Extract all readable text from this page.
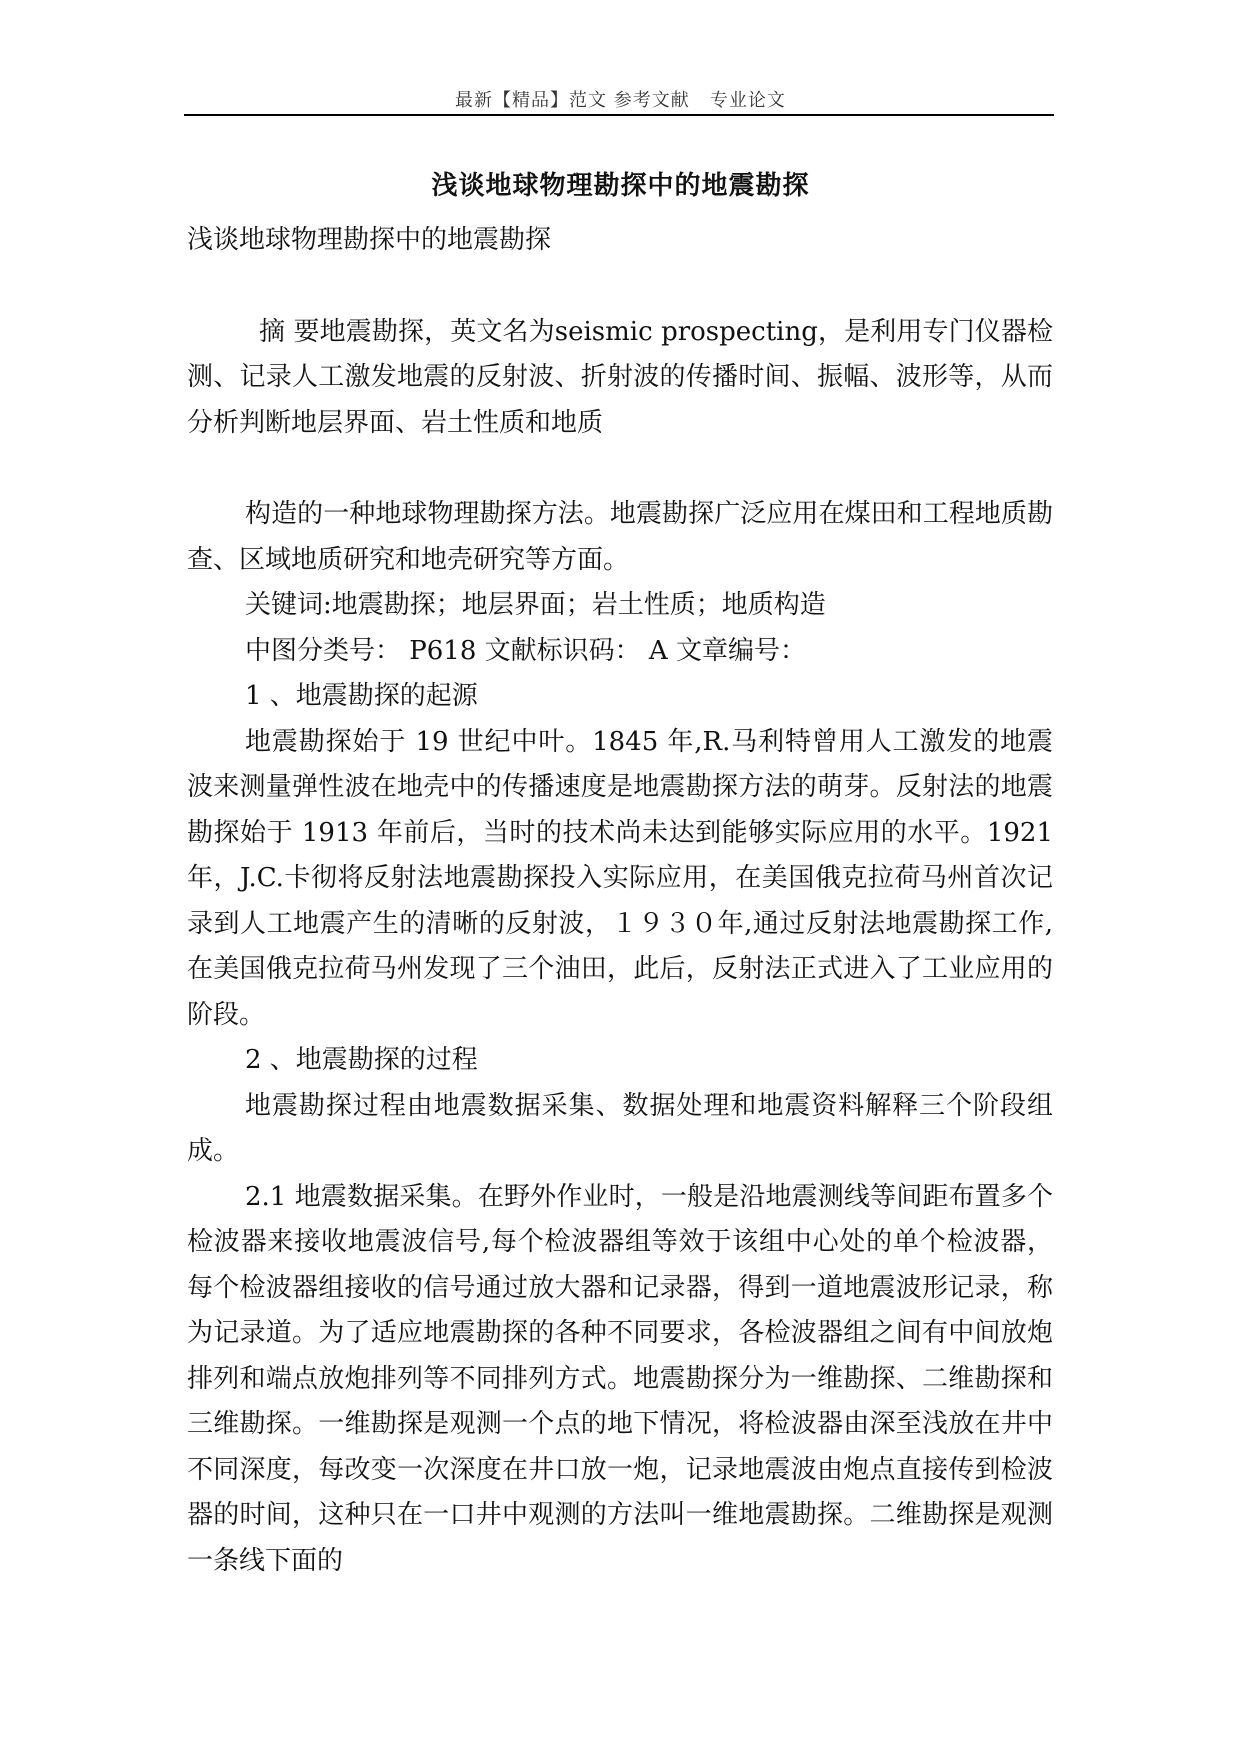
最新【精品】范文 参考文献   专业论文
浅谈地球物理勘探中的地震勘探

浅谈地球物理勘探中的地震勘探

摘 要地震勘探，英文名为seismic prospecting，是利用专门仪器检测、记录人工激发地震的反射波、折射波的传播时间、振幅、波形等，从而分析判断地层界面、岩土性质和地质

构造的一种地球物理勘探方法。地震勘探广泛应用在煤田和工程地质勘查、区域地质研究和地壳研究等方面。

关键词:地震勘探；地层界面；岩土性质；地质构造

中图分类号： P618 文献标识码： A 文章编号：

1 、地震勘探的起源

地震勘探始于 19 世纪中叶。1845 年,R.马利特曾用人工激发的地震波来测量弹性波在地壳中的传播速度是地震勘探方法的萌芽。反射法的地震勘探始于 1913 年前后，当时的技术尚未达到能够实际应用的水平。1921 年，J.C.卡彻将反射法地震勘探投入实际应用，在美国俄克拉荷马州首次记录到人工地震产生的清晰的反射波，１９３０年,通过反射法地震勘探工作, 在美国俄克拉荷马州发现了三个油田，此后，反射法正式进入了工业应用的阶段。

2 、地震勘探的过程

地震勘探过程由地震数据采集、数据处理和地震资料解释三个阶段组成。

2.1 地震数据采集。在野外作业时，一般是沿地震测线等间距布置多个检波器来接收地震波信号,每个检波器组等效于该组中心处的单个检波器，每个检波器组接收的信号通过放大器和记录器，得到一道地震波形记录，称为记录道。为了适应地震勘探的各种不同要求，各检波器组之间有中间放炮排列和端点放炮排列等不同排列方式。地震勘探分为一维勘探、二维勘探和三维勘探。一维勘探是观测一个点的地下情况，将检波器由深至浅放在井中不同深度，每改变一次深度在井口放一炮，记录地震波由炮点直接传到检波器的时间，这种只在一口井中观测的方法叫一维地震勘探。二维勘探是观测一条线下面的
